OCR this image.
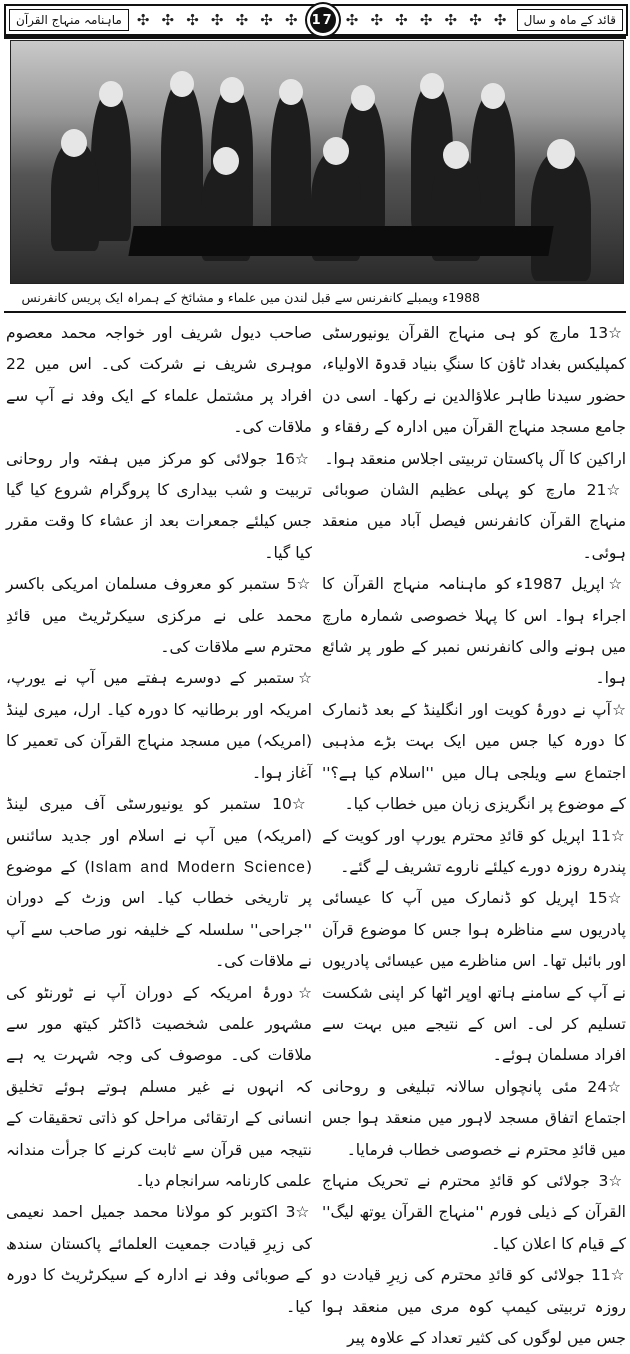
ماہنامہ منہاج القرآن	✣ ✣ ✣ ✣ ✣ ✣ ✣ 17 ✣ ✣ ✣ ✣ ✣ ✣ ✣	قائد کے ماہ و سال
1988ء ویمبلے کانفرنس سے قبل لندن میں علماء و مشائخ کے ہمراہ ایک پریس کانفرنس

☆13 مارچ کو ہی منہاج القرآن یونیورسٹی کمپلیکس بغداد ٹاؤن کا سنگِ بنیاد قدوۃ الاولیاء، حضور سیدنا طاہر علاؤالدین نے رکھا۔ اسی دن جامع مسجد منہاج القرآن میں ادارہ کے رفقاء و اراکین کا آل پاکستان تربیتی اجلاس منعقد ہوا۔

☆21 مارچ کو پہلی عظیم الشان صوبائی منہاج القرآن کانفرنس فیصل آباد میں منعقد ہوئی۔

☆اپریل 1987ء کو ماہنامہ منہاج القرآن کا اجراء ہوا۔ اس کا پہلا خصوصی شمارہ مارچ میں ہونے والی کانفرنس نمبر کے طور پر شائع ہوا۔

☆آپ نے دورۂ کویت اور انگلینڈ کے بعد ڈنمارک کا دورہ کیا جس میں ایک بہت بڑے مذہبی اجتماع سے ویلجی ہال میں ''اسلام کیا ہے؟'' کے موضوع پر انگریزی زبان میں خطاب کیا۔

☆11 اپریل کو قائدِ محترم یورپ اور کویت کے پندرہ روزہ دورے کیلئے ناروے تشریف لے گئے۔

☆15 اپریل کو ڈنمارک میں آپ کا عیسائی پادریوں سے مناظرہ ہوا جس کا موضوع قرآن اور بائبل تھا۔ اس مناظرے میں عیسائی پادریوں نے آپ کے سامنے ہاتھ اوپر اٹھا کر اپنی شکست تسلیم کر لی۔ اس کے نتیجے میں بہت سے افراد مسلمان ہوئے۔

☆24 مئی پانچواں سالانہ تبلیغی و روحانی اجتماع اتفاق مسجد لاہور میں منعقد ہوا جس میں قائدِ محترم نے خصوصی خطاب فرمایا۔

☆3 جولائی کو قائدِ محترم نے تحریک منہاج القرآن کے ذیلی فورم ''منہاج القرآن یوتھ لیگ'' کے قیام کا اعلان کیا۔

☆11 جولائی کو قائدِ محترم کی زیرِ قیادت دو روزہ تربیتی کیمپ کوہ مری میں منعقد ہوا جس میں لوگوں کی کثیر تعداد کے علاوہ پیر

صاحب دیول شریف اور خواجہ محمد معصوم موہری شریف نے شرکت کی۔ اس میں 22 افراد پر مشتمل علماء کے ایک وفد نے آپ سے ملاقات کی۔

☆16 جولائی کو مرکز میں ہفتہ وار روحانی تربیت و شب بیداری کا پروگرام شروع کیا گیا جس کیلئے جمعرات بعد از عشاء کا وقت مقرر کیا گیا۔

☆5 ستمبر کو معروف مسلمان امریکی باکسر محمد علی نے مرکزی سیکرٹریٹ میں قائدِ محترم سے ملاقات کی۔

☆ستمبر کے دوسرے ہفتے میں آپ نے یورپ، امریکہ اور برطانیہ کا دورہ کیا۔ ارل، میری لینڈ (امریکہ) میں مسجد منہاج القرآن کی تعمیر کا آغاز ہوا۔

☆10 ستمبر کو یونیورسٹی آف میری لینڈ (امریکہ) میں آپ نے اسلام اور جدید سائنس (Islam and Modern Science) کے موضوع پر تاریخی خطاب کیا۔ اس وزٹ کے دوران ''جراحی'' سلسلہ کے خلیفہ نور صاحب سے آپ نے ملاقات کی۔

☆دورۂ امریکہ کے دوران آپ نے ٹورنٹو کی مشہور علمی شخصیت ڈاکٹر کیتھ مور سے ملاقات کی۔ موصوف کی وجہ شہرت یہ ہے کہ انہوں نے غیر مسلم ہوتے ہوئے تخلیق انسانی کے ارتقائی مراحل کو ذاتی تحقیقات کے نتیجہ میں قرآن سے ثابت کرنے کا جرأت مندانہ علمی کارنامہ سرانجام دیا۔

☆3 اکتوبر کو مولانا محمد جمیل احمد نعیمی کی زیرِ قیادت جمعیت العلمائے پاکستان سندھ کے صوبائی وفد نے ادارہ کے سیکرٹریٹ کا دورہ کیا۔
